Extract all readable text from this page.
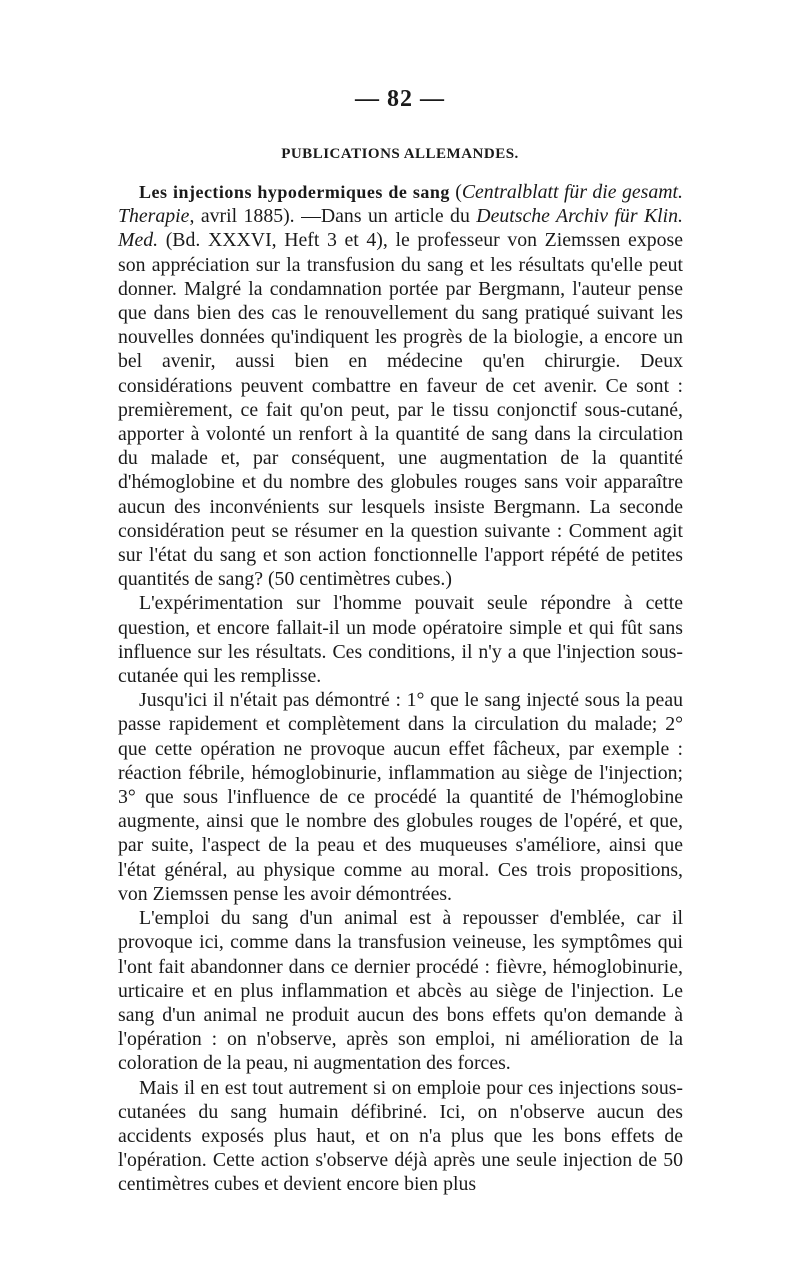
— 82 —
PUBLICATIONS ALLEMANDES.

Les injections hypodermiques de sang (Centralblatt für die gesamt. Therapie, avril 1885). —Dans un article du Deutsche Archiv für Klin. Med. (Bd. XXXVI, Heft 3 et 4), le professeur von Ziemssen expose son appréciation sur la transfusion du sang et les résultats qu'elle peut donner. Malgré la condamnation portée par Bergmann, l'auteur pense que dans bien des cas le renouvellement du sang pratiqué suivant les nouvelles données qu'indiquent les progrès de la biologie, a encore un bel avenir, aussi bien en médecine qu'en chirurgie. Deux considérations peuvent combattre en faveur de cet avenir. Ce sont : premièrement, ce fait qu'on peut, par le tissu conjonctif sous-cutané, apporter à volonté un renfort à la quantité de sang dans la circulation du malade et, par conséquent, une augmentation de la quantité d'hémoglobine et du nombre des globules rouges sans voir apparaître aucun des inconvénients sur lesquels insiste Bergmann. La seconde considération peut se résumer en la question suivante : Comment agit sur l'état du sang et son action fonctionnelle l'apport répété de petites quantités de sang? (50 centimètres cubes.)

L'expérimentation sur l'homme pouvait seule répondre à cette question, et encore fallait-il un mode opératoire simple et qui fût sans influence sur les résultats. Ces conditions, il n'y a que l'injection sous-cutanée qui les remplisse.

Jusqu'ici il n'était pas démontré : 1° que le sang injecté sous la peau passe rapidement et complètement dans la circulation du malade; 2° que cette opération ne provoque aucun effet fâcheux, par exemple : réaction fébrile, hémoglobinurie, inflammation au siège de l'injection; 3° que sous l'influence de ce procédé la quantité de l'hémoglobine augmente, ainsi que le nombre des globules rouges de l'opéré, et que, par suite, l'aspect de la peau et des muqueuses s'améliore, ainsi que l'état général, au physique comme au moral. Ces trois propositions, von Ziemssen pense les avoir démontrées.

L'emploi du sang d'un animal est à repousser d'emblée, car il provoque ici, comme dans la transfusion veineuse, les symptômes qui l'ont fait abandonner dans ce dernier procédé : fièvre, hémoglobinurie, urticaire et en plus inflammation et abcès au siège de l'injection. Le sang d'un animal ne produit aucun des bons effets qu'on demande à l'opération : on n'observe, après son emploi, ni amélioration de la coloration de la peau, ni augmentation des forces.

Mais il en est tout autrement si on emploie pour ces injections sous-cutanées du sang humain défibriné. Ici, on n'observe aucun des accidents exposés plus haut, et on n'a plus que les bons effets de l'opération. Cette action s'observe déjà après une seule injection de 50 centimètres cubes et devient encore bien plus
